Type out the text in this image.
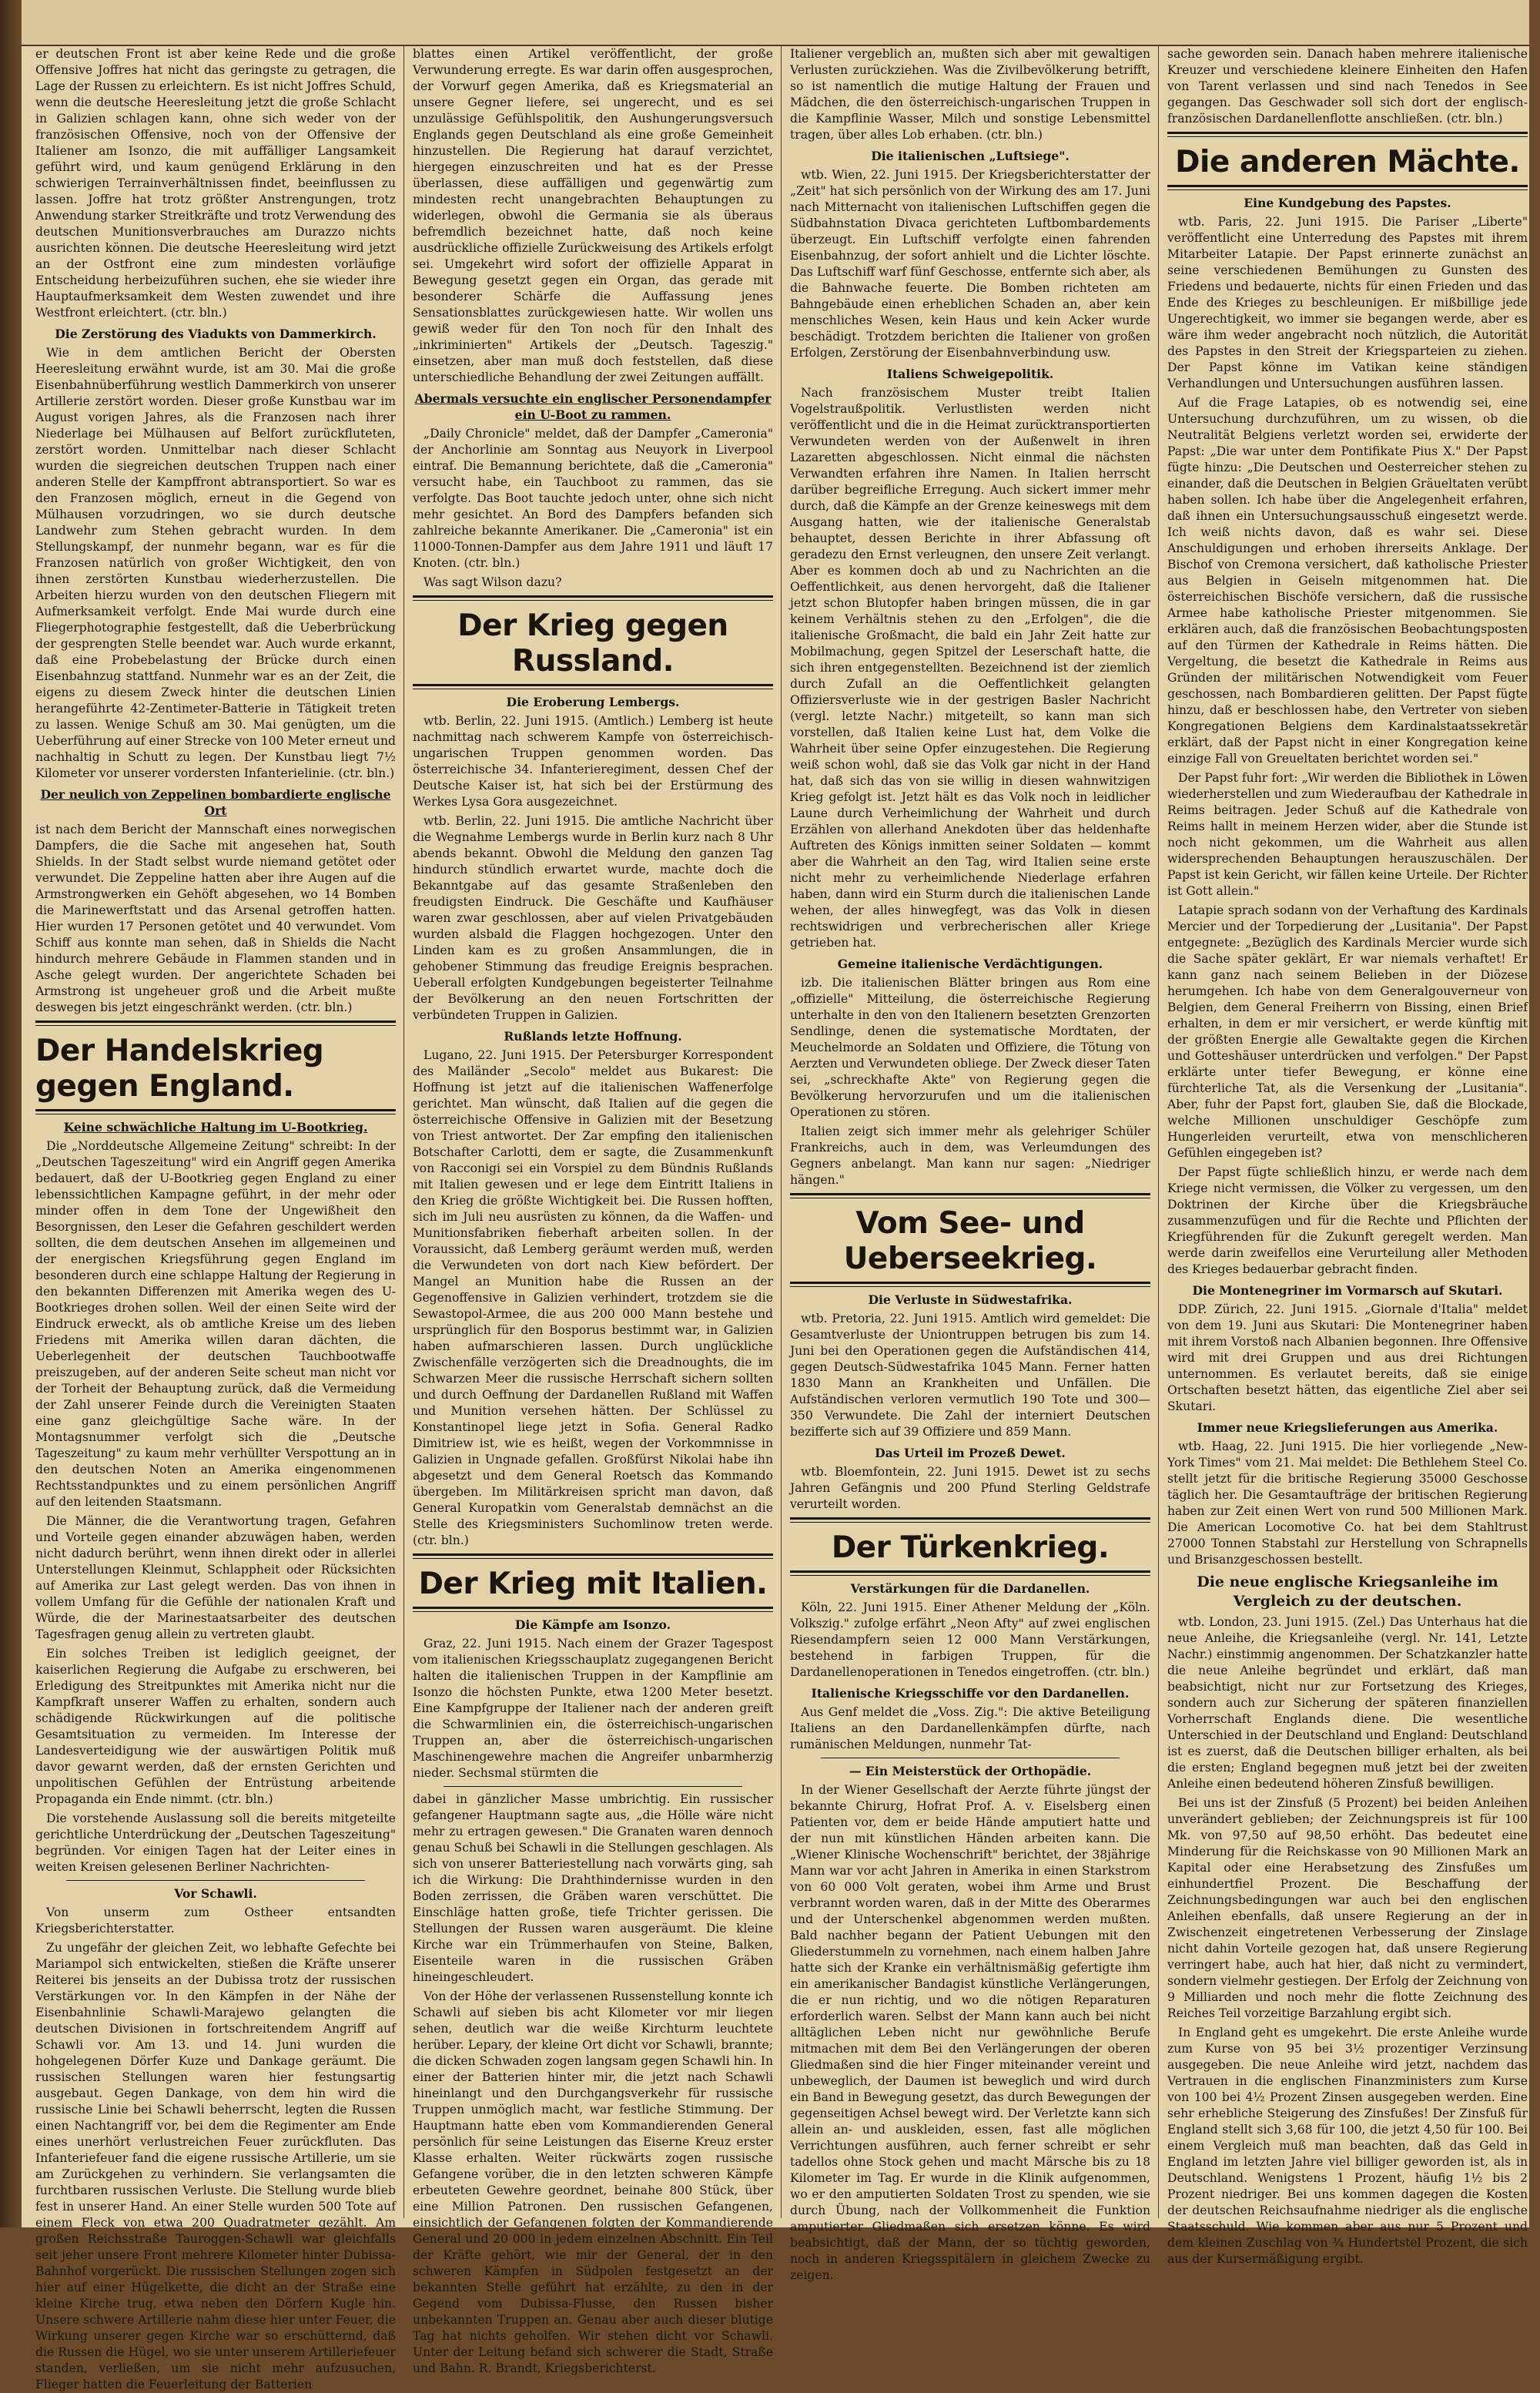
er deutschen Front ist aber keine Rede und die große Offensive Joffres hat nicht das geringste zu getragen, die Lage der Russen zu erleichtern. Es ist nicht Joffres Schuld, wenn die deutsche Heeresleitung jetzt die große Schlacht in Galizien schlagen kann, ohne sich weder von der französischen Offensive, noch von der Offensive der Italiener am Isonzo, die mit auffälliger Langsamkeit geführt wird, und kaum genügend Erklärung in den schwierigen Terrainverhältnissen findet, beeinflussen zu lassen. Joffre hat trotz größter Anstrengungen, trotz Anwendung starker Streitkräfte und trotz Verwendung des deutschen Munitionsverbrauches am Durazzo nichts ausrichten können. Die deutsche Heeresleitung wird jetzt an der Ostfront eine zum mindesten vorläufige Entscheidung herbeizuführen suchen, ehe sie wieder ihre Hauptaufmerksamkeit dem Westen zuwendet und ihre Westfront erleichtert. (ctr. bln.)

Die Zerstörung des Viadukts von Dammerkirch.

Wie in dem amtlichen Bericht der Obersten Heeresleitung erwähnt wurde, ist am 30. Mai die große Eisenbahnüberführung westlich Dammerkirch von unserer Artillerie zerstört worden. Dieser große Kunstbau war im August vorigen Jahres, als die Franzosen nach ihrer Niederlage bei Mülhausen auf Belfort zurückfluteten, zerstört worden. Unmittelbar nach dieser Schlacht wurden die siegreichen deutschen Truppen nach einer anderen Stelle der Kampffront abtransportiert. So war es den Franzosen möglich, erneut in die Gegend von Mülhausen vorzudringen, wo sie durch deutsche Landwehr zum Stehen gebracht wurden. In dem Stellungskampf, der nunmehr begann, war es für die Franzosen natürlich von großer Wichtigkeit, den von ihnen zerstörten Kunstbau wiederherzustellen. Die Arbeiten hierzu wurden von den deutschen Fliegern mit Aufmerksamkeit verfolgt. Ende Mai wurde durch eine Fliegerphotographie festgestellt, daß die Ueberbrückung der gesprengten Stelle beendet war. Auch wurde erkannt, daß eine Probebelastung der Brücke durch einen Eisenbahnzug stattfand. Nunmehr war es an der Zeit, die eigens zu diesem Zweck hinter die deutschen Linien herangeführte 42-Zentimeter-Batterie in Tätigkeit treten zu lassen. Wenige Schuß am 30. Mai genügten, um die Ueberführung auf einer Strecke von 100 Meter erneut und nachhaltig in Schutt zu legen. Der Kunstbau liegt 7½ Kilometer vor unserer vordersten Infanterielinie. (ctr. bln.)

Der neulich von Zeppelinen bombardierte englische Ort

ist nach dem Bericht der Mannschaft eines norwegischen Dampfers, die die Sache mit angesehen hat, South Shields. In der Stadt selbst wurde niemand getötet oder verwundet. Die Zeppeline hatten aber ihre Augen auf die Armstrongwerken ein Gehöft abgesehen, wo 14 Bomben die Marinewerftstatt und das Arsenal getroffen hatten. Hier wurden 17 Personen getötet und 40 verwundet. Vom Schiff aus konnte man sehen, daß in Shields die Nacht hindurch mehrere Gebäude in Flammen standen und in Asche gelegt wurden. Der angerichtete Schaden bei Armstrong ist ungeheuer groß und die Arbeit mußte deswegen bis jetzt eingeschränkt werden. (ctr. bln.)

Der Handelskrieg gegen England.
Keine schwächliche Haltung im U-Bootkrieg.

Die „Norddeutsche Allgemeine Zeitung" schreibt: In der „Deutschen Tageszeitung" wird ein Angriff gegen Amerika bedauert, daß der U-Bootkrieg gegen England zu einer lebenssichtlichen Kampagne geführt, in der mehr oder minder offen in dem Tone der Ungewißheit den Besorgnissen, den Leser die Gefahren geschildert werden sollten, die dem deutschen Ansehen im allgemeinen und der energischen Kriegsführung gegen England im besonderen durch eine schlappe Haltung der Regierung in den bekannten Differenzen mit Amerika wegen des U-Bootkrieges drohen sollen. Weil der einen Seite wird der Eindruck erweckt, als ob amtliche Kreise um des lieben Friedens mit Amerika willen daran dächten, die Ueberlegenheit der deutschen Tauchbootwaffe preiszugeben, auf der anderen Seite scheut man nicht vor der Torheit der Behauptung zurück, daß die Vermeidung der Zahl unserer Feinde durch die Vereinigten Staaten eine ganz gleichgültige Sache wäre. In der Montagsnummer verfolgt sich die „Deutsche Tageszeitung" zu kaum mehr verhüllter Verspottung an in den deutschen Noten an Amerika eingenommenen Rechtsstandpunktes und zu einem persönlichen Angriff auf den leitenden Staatsmann.

Die Männer, die die Verantwortung tragen, Gefahren und Vorteile gegen einander abzuwägen haben, werden nicht dadurch berührt, wenn ihnen direkt oder in allerlei Unterstellungen Kleinmut, Schlappheit oder Rücksichten auf Amerika zur Last gelegt werden. Das von ihnen in vollem Umfang für die Gefühle der nationalen Kraft und Würde, die der Marinestaatsarbeiter des deutschen Tagesfragen genug allein zu vertreten glaubt.

Ein solches Treiben ist lediglich geeignet, der kaiserlichen Regierung die Aufgabe zu erschweren, bei Erledigung des Streitpunktes mit Amerika nicht nur die Kampfkraft unserer Waffen zu erhalten, sondern auch schädigende Rückwirkungen auf die politische Gesamtsituation zu vermeiden. Im Interesse der Landesverteidigung wie der auswärtigen Politik muß davor gewarnt werden, daß der ernsten Gerichten und unpolitischen Gefühlen der Entrüstung arbeitende Propaganda ein Ende nimmt. (ctr. bln.)

Die vorstehende Auslassung soll die bereits mitgeteilte gerichtliche Unterdrückung der „Deutschen Tageszeitung" begründen. Vor einigen Tagen hat der Leiter eines in weiten Kreisen gelesenen Berliner Nachrichten-

Vor Schawli.

Von unserm zum Ostheer entsandten Kriegsberichterstatter.

Zu ungefähr der gleichen Zeit, wo lebhafte Gefechte bei Mariampol sich entwickelten, stießen die Kräfte unserer Reiterei bis jenseits an der Dubissa trotz der russischen Verstärkungen vor. In den Kämpfen in der Nähe der Eisenbahnlinie Schawli-Marajewo gelangten die deutschen Divisionen in fortschreitendem Angriff auf Schawli vor. Am 13. und 14. Juni wurden die hohgelegenen Dörfer Kuze und Dankage geräumt. Die russischen Stellungen waren hier festungsartig ausgebaut. Gegen Dankage, von dem hin wird die russische Linie bei Schawli beherrscht, legten die Russen einen Nachtangriff vor, bei dem die Regimenter am Ende eines unerhört verlustreichen Feuer zurückfluten. Das Infanteriefeuer fand die eigene russische Artillerie, um sie am Zurückgehen zu verhindern. Sie verlangsamten die furchtbaren russischen Verluste. Die Stellung wurde blieb fest in unserer Hand. An einer Stelle wurden 500 Tote auf einem Fleck von etwa 200 Quadratmeter gezählt. Am großen Reichsstraße Tauroggen-Schawli war gleichfalls seit jeher unsere Front mehrere Kilometer hinter Dubissa-Bahnhof vorgerückt. Die russischen Stellungen zogen sich hier auf einer Hügelkette, die dicht an der Straße eine kleine Kirche trug, etwa neben den Dörfern Kugle hin. Unsere schwere Artillerie nahm diese hier unter Feuer, die Wirkung unserer gegen Kirche war so erschütternd, daß die Russen die Hügel, wo sie unter unserem Artilleriefeuer standen, verließen, um sie nicht mehr aufzusuchen, Flieger hatten die Feuerleitung der Batterien

blattes einen Artikel veröffentlicht, der große Verwunderung erregte. Es war darin offen ausgesprochen, der Vorwurf gegen Amerika, daß es Kriegsmaterial an unsere Gegner liefere, sei ungerecht, und es sei unzulässige Gefühlspolitik, den Aushungerungsversuch Englands gegen Deutschland als eine große Gemeinheit hinzustellen. Die Regierung hat darauf verzichtet, hiergegen einzuschreiten und hat es der Presse überlassen, diese auffälligen und gegenwärtig zum mindesten recht unangebrachten Behauptungen zu widerlegen, obwohl die Germania sie als überaus befremdlich bezeichnet hatte, daß noch keine ausdrückliche offizielle Zurückweisung des Artikels erfolgt sei. Umgekehrt wird sofort der offizielle Apparat in Bewegung gesetzt gegen ein Organ, das gerade mit besonderer Schärfe die Auffassung jenes Sensationsblattes zurückgewiesen hatte. Wir wollen uns gewiß weder für den Ton noch für den Inhalt des „inkriminierten" Artikels der „Deutsch. Tageszig." einsetzen, aber man muß doch feststellen, daß diese unterschiedliche Behandlung der zwei Zeitungen auffällt.

Abermals versuchte ein englischer Personendampfer ein U-Boot zu rammen.

„Daily Chronicle" meldet, daß der Dampfer „Cameronia" der Anchorlinie am Sonntag aus Neuyork in Liverpool eintraf. Die Bemannung berichtete, daß die „Cameronia" versucht habe, ein Tauchboot zu rammen, das sie verfolgte. Das Boot tauchte jedoch unter, ohne sich nicht mehr gesichtet. An Bord des Dampfers befanden sich zahlreiche bekannte Amerikaner. Die „Cameronia" ist ein 11000-Tonnen-Dampfer aus dem Jahre 1911 und läuft 17 Knoten. (ctr. bln.)

Was sagt Wilson dazu?

Der Krieg gegen Russland.
Die Eroberung Lembergs.

wtb. Berlin, 22. Juni 1915. (Amtlich.) Lemberg ist heute nachmittag nach schwerem Kampfe von österreichisch-ungarischen Truppen genommen worden. Das österreichische 34. Infanterieregiment, dessen Chef der Deutsche Kaiser ist, hat sich bei der Erstürmung des Werkes Lysa Gora ausgezeichnet.

wtb. Berlin, 22. Juni 1915. Die amtliche Nachricht über die Wegnahme Lembergs wurde in Berlin kurz nach 8 Uhr abends bekannt. Obwohl die Meldung den ganzen Tag hindurch stündlich erwartet wurde, machte doch die Bekanntgabe auf das gesamte Straßenleben den freudigsten Eindruck. Die Geschäfte und Kaufhäuser waren zwar geschlossen, aber auf vielen Privatgebäuden wurden alsbald die Flaggen hochgezogen. Unter den Linden kam es zu großen Ansammlungen, die in gehobener Stimmung das freudige Ereignis besprachen. Ueberall erfolgten Kundgebungen begeisterter Teilnahme der Bevölkerung an den neuen Fortschritten der verbündeten Truppen in Galizien.

Rußlands letzte Hoffnung.

Lugano, 22. Juni 1915. Der Petersburger Korrespondent des Mailänder „Secolo" meldet aus Bukarest: Die Hoffnung ist jetzt auf die italienischen Waffenerfolge gerichtet. Man wünscht, daß Italien auf die gegen die österreichische Offensive in Galizien mit der Besetzung von Triest antwortet. Der Zar empfing den italienischen Botschafter Carlotti, dem er sagte, die Zusammenkunft von Racconigi sei ein Vorspiel zu dem Bündnis Rußlands mit Italien gewesen und er lege dem Eintritt Italiens in den Krieg die größte Wichtigkeit bei. Die Russen hofften, sich im Juli neu ausrüsten zu können, da die Waffen- und Munitionsfabriken fieberhaft arbeiten sollen. In der Voraussicht, daß Lemberg geräumt werden muß, werden die Verwundeten von dort nach Kiew befördert. Der Mangel an Munition habe die Russen an der Gegenoffensive in Galizien verhindert, trotzdem sie die Sewastopol-Armee, die aus 200 000 Mann bestehe und ursprünglich für den Bosporus bestimmt war, in Galizien haben aufmarschieren lassen. Durch unglückliche Zwischenfälle verzögerten sich die Dreadnoughts, die im Schwarzen Meer die russische Herrschaft sichern sollten und durch Oeffnung der Dardanellen Rußland mit Waffen und Munition versehen hätten. Der Schlüssel zu Konstantinopel liege jetzt in Sofia. General Radko Dimitriew ist, wie es heißt, wegen der Vorkommnisse in Galizien in Ungnade gefallen. Großfürst Nikolai habe ihn abgesetzt und dem General Roetsch das Kommando übergeben. Im Militärkreisen spricht man davon, daß General Kuropatkin vom Generalstab demnächst an die Stelle des Kriegsministers Suchomlinow treten werde. (ctr. bln.)

Der Krieg mit Italien.
Die Kämpfe am Isonzo.

Graz, 22. Juni 1915. Nach einem der Grazer Tagespost vom italienischen Kriegsschauplatz zugegangenen Bericht halten die italienischen Truppen in der Kampflinie am Isonzo die höchsten Punkte, etwa 1200 Meter besetzt. Eine Kampfgruppe der Italiener nach der anderen greift die Schwarmlinien ein, die österreichisch-ungarischen Truppen an, aber die österreichisch-ungarischen Maschinengewehre machen die Angreifer unbarmherzig nieder. Sechsmal stürmten die

dabei in gänzlicher Masse umbrichtig. Ein russischer gefangener Hauptmann sagte aus, „die Hölle wäre nicht mehr zu ertragen gewesen." Die Granaten waren dennoch genau Schuß bei Schawli in die Stellungen geschlagen. Als sich von unserer Batteriestellung nach vorwärts ging, sah ich die Wirkung: Die Drahthindernisse wurden in den Boden zerrissen, die Gräben waren verschüttet. Die Einschläge hatten große, tiefe Trichter gerissen. Die Stellungen der Russen waren ausgeräumt. Die kleine Kirche war ein Trümmerhaufen von Steine, Balken, Eisenteile waren in die russischen Gräben hineingeschleudert.

Von der Höhe der verlassenen Russenstellung konnte ich Schawli auf sieben bis acht Kilometer vor mir liegen sehen, deutlich war die weiße Kirchturm leuchtete herüber. Lepary, der kleine Ort dicht vor Schawli, brannte; die dicken Schwaden zogen langsam gegen Schawli hin. In einer der Batterien hinter mir, die jetzt nach Schawli hineinlangt und den Durchgangsverkehr für russische Truppen unmöglich macht, war festliche Stimmung. Der Hauptmann hatte eben vom Kommandierenden General persönlich für seine Leistungen das Eiserne Kreuz erster Klasse erhalten. Weiter rückwärts zogen russische Gefangene vorüber, die in den letzten schweren Kämpfe erbeuteten Gewehre geordnet, beinahe 800 Stück, über eine Million Patronen. Den russischen Gefangenen, einsichtlich der Gefangenen folgten der Kommandierende General und 20 000 in jedem einzelnen Abschnitt. Ein Teil der Kräfte gehört, wie mir der General, der in den schweren Kämpfen in Südpolen festgesetzt an der bekannten Stelle geführt hat erzählte, zu den in der Gegend vom Dubissa-Flusse, den Russen bisher unbekannten Truppen an. Genau aber auch dieser blutige Tag hat nichts geholfen. Wir stehen dicht vor Schawli. Unter der Leitung befand sich schwerer die Stadt, Straße und Bahn. R. Brandt, Kriegsberichterst.

Italiener vergeblich an, mußten sich aber mit gewaltigen Verlusten zurückziehen. Was die Zivilbevölkerung betrifft, so ist namentlich die mutige Haltung der Frauen und Mädchen, die den österreichisch-ungarischen Truppen in die Kampflinie Wasser, Milch und sonstige Lebensmittel tragen, über alles Lob erhaben. (ctr. bln.)

Die italienischen „Luftsiege".

wtb. Wien, 22. Juni 1915. Der Kriegsberichterstatter der „Zeit" hat sich persönlich von der Wirkung des am 17. Juni nach Mitternacht von italienischen Luftschiffen gegen die Südbahnstation Divaca gerichteten Luftbombardements überzeugt. Ein Luftschiff verfolgte einen fahrenden Eisenbahnzug, der sofort anhielt und die Lichter löschte. Das Luftschiff warf fünf Geschosse, entfernte sich aber, als die Bahnwache feuerte. Die Bomben richteten am Bahngebäude einen erheblichen Schaden an, aber kein menschliches Wesen, kein Haus und kein Acker wurde beschädigt. Trotzdem berichten die Italiener von großen Erfolgen, Zerstörung der Eisenbahnverbindung usw.

Italiens Schweigepolitik.

Nach französischem Muster treibt Italien Vogelstraußpolitik. Verlustlisten werden nicht veröffentlicht und die in die Heimat zurücktransportierten Verwundeten werden von der Außenwelt in ihren Lazaretten abgeschlossen. Nicht einmal die nächsten Verwandten erfahren ihre Namen. In Italien herrscht darüber begreifliche Erregung. Auch sickert immer mehr durch, daß die Kämpfe an der Grenze keineswegs mit dem Ausgang hatten, wie der italienische Generalstab behauptet, dessen Berichte in ihrer Abfassung oft geradezu den Ernst verleugnen, den unsere Zeit verlangt. Aber es kommen doch ab und zu Nachrichten an die Oeffentlichkeit, aus denen hervorgeht, daß die Italiener jetzt schon Blutopfer haben bringen müssen, die in gar keinem Verhältnis stehen zu den „Erfolgen", die die italienische Großmacht, die bald ein Jahr Zeit hatte zur Mobilmachung, gegen Spitzel der Leserschaft hatte, die sich ihren entgegenstellten. Bezeichnend ist der ziemlich durch Zufall an die Oeffentlichkeit gelangten Offiziersverluste wie in der gestrigen Basler Nachricht (vergl. letzte Nachr.) mitgeteilt, so kann man sich vorstellen, daß Italien keine Lust hat, dem Volke die Wahrheit über seine Opfer einzugestehen. Die Regierung weiß schon wohl, daß sie das Volk gar nicht in der Hand hat, daß sich das von sie willig in diesen wahnwitzigen Krieg gefolgt ist. Jetzt hält es das Volk noch in leidlicher Laune durch Verheimlichung der Wahrheit und durch Erzählen von allerhand Anekdoten über das heldenhafte Auftreten des Königs inmitten seiner Soldaten — kommt aber die Wahrheit an den Tag, wird Italien seine erste nicht mehr zu verheimlichende Niederlage erfahren haben, dann wird ein Sturm durch die italienischen Lande wehen, der alles hinwegfegt, was das Volk in diesen rechtswidrigen und verbrecherischen aller Kriege getrieben hat.

Gemeine italienische Verdächtigungen.

izb. Die italienischen Blätter bringen aus Rom eine „offizielle" Mitteilung, die österreichische Regierung unterhalte in den von den Italienern besetzten Grenzorten Sendlinge, denen die systematische Mordtaten, der Meuchelmorde an Soldaten und Offiziere, die Tötung von Aerzten und Verwundeten obliege. Der Zweck dieser Taten sei, „schreckhafte Akte" von Regierung gegen die Bevölkerung hervorzurufen und um die italienischen Operationen zu stören.

Italien zeigt sich immer mehr als gelehriger Schüler Frankreichs, auch in dem, was Verleumdungen des Gegners anbelangt. Man kann nur sagen: „Niedriger hängen."

Vom See- und Ueberseekrieg.
Die Verluste in Südwestafrika.

wtb. Pretoria, 22. Juni 1915. Amtlich wird gemeldet: Die Gesamtverluste der Uniontruppen betrugen bis zum 14. Juni bei den Operationen gegen die Aufständischen 414, gegen Deutsch-Südwestafrika 1045 Mann. Ferner hatten 1830 Mann an Krankheiten und Unfällen. Die Aufständischen verloren vermutlich 190 Tote und 300—350 Verwundete. Die Zahl der interniert Deutschen bezifferte sich auf 39 Offiziere und 859 Mann.

Das Urteil im Prozeß Dewet.

wtb. Bloemfontein, 22. Juni 1915. Dewet ist zu sechs Jahren Gefängnis und 200 Pfund Sterling Geldstrafe verurteilt worden.

Der Türkenkrieg.
Verstärkungen für die Dardanellen.

Köln, 22. Juni 1915. Einer Athener Meldung der „Köln. Volkszig." zufolge erfährt „Neon Afty" auf zwei englischen Riesendampfern seien 12 000 Mann Verstärkungen, bestehend in farbigen Truppen, für die Dardanellenoperationen in Tenedos eingetroffen. (ctr. bln.)

Italienische Kriegsschiffe vor den Dardanellen.

Aus Genf meldet die „Voss. Zig.": Die aktive Beteiligung Italiens an den Dardanellenkämpfen dürfte, nach rumänischen Meldungen, nunmehr Tat-

— Ein Meisterstück der Orthopädie.

In der Wiener Gesellschaft der Aerzte führte jüngst der bekannte Chirurg, Hofrat Prof. A. v. Eiselsberg einen Patienten vor, dem er beide Hände amputiert hatte und der nun mit künstlichen Händen arbeiten kann. Die „Wiener Klinische Wochenschrift" berichtet, der 38jährige Mann war vor acht Jahren in Amerika in einen Starkstrom von 60 000 Volt geraten, wobei ihm Arme und Brust verbrannt worden waren, daß in der Mitte des Oberarmes und der Unterschenkel abgenommen werden mußten. Bald nachher begann der Patient Uebungen mit den Gliederstummeln zu vornehmen, nach einem halben Jahre hatte sich der Kranke ein verhältnismäßig gefertigte ihm ein amerikanischer Bandagist künstliche Verlängerungen, die er nun richtig, und wo die nötigen Reparaturen erforderlich waren. Selbst der Mann kann auch bei nicht alltäglichen Leben nicht nur gewöhnliche Berufe mitmachen mit dem Bei den Verlängerungen der oberen Gliedmaßen sind die hier Finger miteinander vereint und unbeweglich, der Daumen ist beweglich und wird durch ein Band in Bewegung gesetzt, das durch Bewegungen der gegenseitigen Achsel bewegt wird. Der Verletzte kann sich allein an- und auskleiden, essen, fast alle möglichen Verrichtungen ausführen, auch ferner schreibt er sehr tadellos ohne Stock gehen und macht Märsche bis zu 18 Kilometer im Tag. Er wurde in die Klinik aufgenommen, wo er den amputierten Soldaten Trost zu spenden, wie sie durch Übung, nach der Vollkommenheit die Funktion amputierter Gliedmaßen sich ersetzen könne. Es wird beabsichtigt, daß der Mann, der so tüchtig geworden, noch in anderen Kriegsspitälern in gleichem Zwecke zu zeigen.

sache geworden sein. Danach haben mehrere italienische Kreuzer und verschiedene kleinere Einheiten den Hafen von Tarent verlassen und sind nach Tenedos in See gegangen. Das Geschwader soll sich dort der englisch-französischen Dardanellenflotte anschließen. (ctr. bln.)

Die anderen Mächte.
Eine Kundgebung des Papstes.

wtb. Paris, 22. Juni 1915. Die Pariser „Liberte" veröffentlicht eine Unterredung des Papstes mit ihrem Mitarbeiter Latapie. Der Papst erinnerte zunächst an seine verschiedenen Bemühungen zu Gunsten des Friedens und bedauerte, nichts für einen Frieden und das Ende des Krieges zu beschleunigen. Er mißbillige jede Ungerechtigkeit, wo immer sie begangen werde, aber es wäre ihm weder angebracht noch nützlich, die Autorität des Papstes in den Streit der Kriegsparteien zu ziehen. Der Papst könne im Vatikan keine ständigen Verhandlungen und Untersuchungen ausführen lassen.

Auf die Frage Latapies, ob es notwendig sei, eine Untersuchung durchzuführen, um zu wissen, ob die Neutralität Belgiens verletzt worden sei, erwiderte der Papst: „Die war unter dem Pontifikate Pius X." Der Papst fügte hinzu: „Die Deutschen und Oesterreicher stehen zu einander, daß die Deutschen in Belgien Gräueltaten verübt haben sollen. Ich habe über die Angelegenheit erfahren, daß ihnen ein Untersuchungsausschuß eingesetzt werde. Ich weiß nichts davon, daß es wahr sei. Diese Anschuldigungen und erhoben ihrerseits Anklage. Der Bischof von Cremona versichert, daß katholische Priester aus Belgien in Geiseln mitgenommen hat. Die österreichischen Bischöfe versichern, daß die russische Armee habe katholische Priester mitgenommen. Sie erklären auch, daß die französischen Beobachtungsposten auf den Türmen der Kathedrale in Reims hätten. Die Vergeltung, die besetzt die Kathedrale in Reims aus Gründen der militärischen Notwendigkeit vom Feuer geschossen, nach Bombardieren gelitten. Der Papst fügte hinzu, daß er beschlossen habe, den Vertreter von sieben Kongregationen Belgiens dem Kardinalstaatssekretär erklärt, daß der Papst nicht in einer Kongregation keine einzige Fall von Greueltaten berichtet worden sei."

Der Papst fuhr fort: „Wir werden die Bibliothek in Löwen wiederherstellen und zum Wiederaufbau der Kathedrale in Reims beitragen. Jeder Schuß auf die Kathedrale von Reims hallt in meinem Herzen wider, aber die Stunde ist noch nicht gekommen, um die Wahrheit aus allen widersprechenden Behauptungen herauszuschälen. Der Papst ist kein Gericht, wir fällen keine Urteile. Der Richter ist Gott allein."

Latapie sprach sodann von der Verhaftung des Kardinals Mercier und der Torpedierung der „Lusitania". Der Papst entgegnete: „Bezüglich des Kardinals Mercier wurde sich die Sache später geklärt, Er war niemals verhaftet! Er kann ganz nach seinem Belieben in der Diözese herumgehen. Ich habe von dem Generalgouverneur von Belgien, dem General Freiherrn von Bissing, einen Brief erhalten, in dem er mir versichert, er werde künftig mit der größten Energie alle Gewaltakte gegen die Kirchen und Gotteshäuser unterdrücken und verfolgen." Der Papst erklärte unter tiefer Bewegung, er könne eine fürchterliche Tat, als die Versenkung der „Lusitania". Aber, fuhr der Papst fort, glauben Sie, daß die Blockade, welche Millionen unschuldiger Geschöpfe zum Hungerleiden verurteilt, etwa von menschlicheren Gefühlen eingegeben ist?

Der Papst fügte schließlich hinzu, er werde nach dem Kriege nicht vermissen, die Völker zu vergessen, um den Doktrinen der Kirche über die Kriegsbräuche zusammenzufügen und für die Rechte und Pflichten der Kriegführenden für die Zukunft geregelt werden. Man werde darin zweifellos eine Verurteilung aller Methoden des Krieges bedauerbar gebracht finden.

Die Montenegriner im Vormarsch auf Skutari.

DDP. Zürich, 22. Juni 1915. „Giornale d'Italia" meldet von dem 19. Juni aus Skutari: Die Montenegriner haben mit ihrem Vorstoß nach Albanien begonnen. Ihre Offensive wird mit drei Gruppen und aus drei Richtungen unternommen. Es verlautet bereits, daß sie einige Ortschaften besetzt hätten, das eigentliche Ziel aber sei Skutari.

Immer neue Kriegslieferungen aus Amerika.

wtb. Haag, 22. Juni 1915. Die hier vorliegende „New-York Times" vom 21. Mai meldet: Die Bethlehem Steel Co. stellt jetzt für die britische Regierung 35000 Geschosse täglich her. Die Gesamtaufträge der britischen Regierung haben zur Zeit einen Wert von rund 500 Millionen Mark. Die American Locomotive Co. hat bei dem Stahltrust 27000 Tonnen Stabstahl zur Herstellung von Schrapnells und Brisanzgeschossen bestellt.

Die neue englische Kriegsanleihe im Vergleich zu der deutschen.

wtb. London, 23. Juni 1915. (Zel.) Das Unterhaus hat die neue Anleihe, die Kriegsanleihe (vergl. Nr. 141, Letzte Nachr.) einstimmig angenommen. Der Schatzkanzler hatte die neue Anleihe begründet und erklärt, daß man beabsichtigt, nicht nur zur Fortsetzung des Krieges, sondern auch zur Sicherung der späteren finanziellen Vorherrschaft Englands diene. Die wesentliche Unterschied in der Deutschland und England: Deutschland ist es zuerst, daß die Deutschen billiger erhalten, als bei die ersten; England begegnen muß jetzt bei der zweiten Anleihe einen bedeutend höheren Zinsfuß bewilligen.

Bei uns ist der Zinsfuß (5 Prozent) bei beiden Anleihen unverändert geblieben; der Zeichnungspreis ist für 100 Mk. von 97,50 auf 98,50 erhöht. Das bedeutet eine Minderung für die Reichskasse von 90 Millionen Mark an Kapital oder eine Herabsetzung des Zinsfußes um einhundertfiel Prozent. Die Beschaffung der Zeichnungsbedingungen war auch bei den englischen Anleihen ebenfalls, daß unsere Regierung an der in Zwischenzeit eingetretenen Verbesserung der Zinslage nicht dahin Vorteile gezogen hat, daß unsere Regierung verringert habe, auch hat hier, daß nicht zu vermindert, sondern vielmehr gestiegen. Der Erfolg der Zeichnung von 9 Milliarden und noch mehr die flotte Zeichnung des Reiches Teil vorzeitige Barzahlung ergibt sich.

In England geht es umgekehrt. Die erste Anleihe wurde zum Kurse von 95 bei 3½ prozentiger Verzinsung ausgegeben. Die neue Anleihe wird jetzt, nachdem das Vertrauen in die englischen Finanzministers zum Kurse von 100 bei 4½ Prozent Zinsen ausgegeben werden. Eine sehr erhebliche Steigerung des Zinsfußes! Der Zinsfuß für England stellt sich 3,68 für 100, die jetzt 4,50 für 100. Bei einem Vergleich muß man beachten, daß das Geld in England im letzten Jahre viel billiger geworden ist, als in Deutschland. Wenigstens 1 Prozent, häufig 1½ bis 2 Prozent niedriger. Bei uns kommen dagegen die Kosten der deutschen Reichsaufnahme niedriger als die englische Staatsschuld. Wie kommen aber aus nur 5 Prozent und dem kleinen Zuschlag von ¾ Hundertstel Prozent, die sich aus der Kursermäßigung ergibt.
